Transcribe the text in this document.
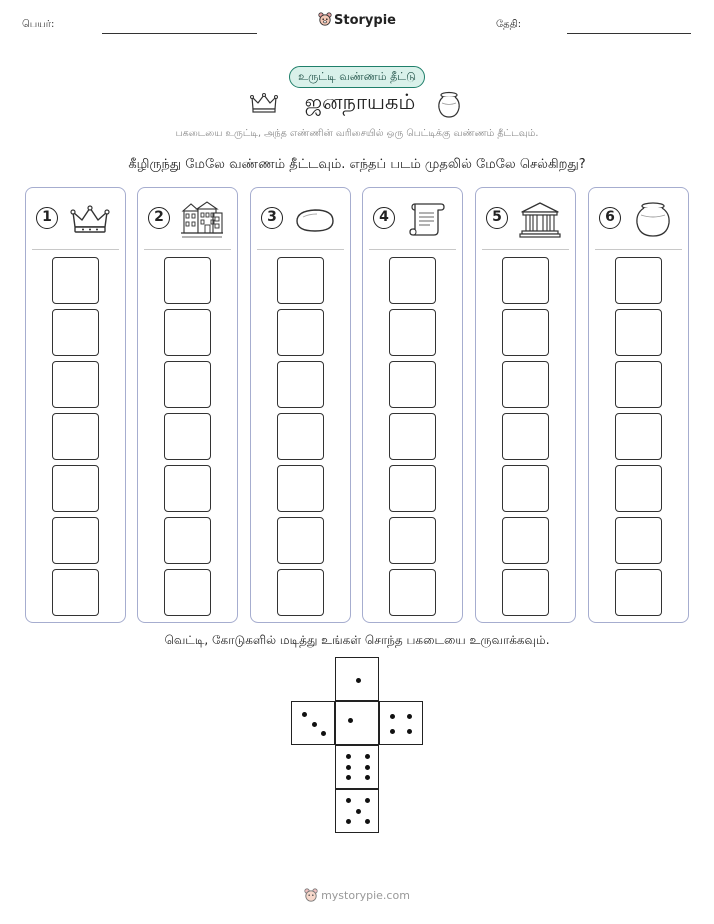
பெயர்:	Storypie	தேதி:
உருட்டி வண்ணம் தீட்டு
ஜனநாயகம்
பகடையை உருட்டி, அந்த எண்ணின் வரிசையில் ஒரு பெட்டிக்கு வண்ணம் தீட்டவும்.
கீழிருந்து மேலே வண்ணம் தீட்டவும். எந்தப் படம் முதலில் மேலே செல்கிறது?
1	2	3	4	5	6
வெட்டி, கோடுகளில் மடித்து உங்கள் சொந்த பகடையை உருவாக்கவும்.
mystorypie.com
